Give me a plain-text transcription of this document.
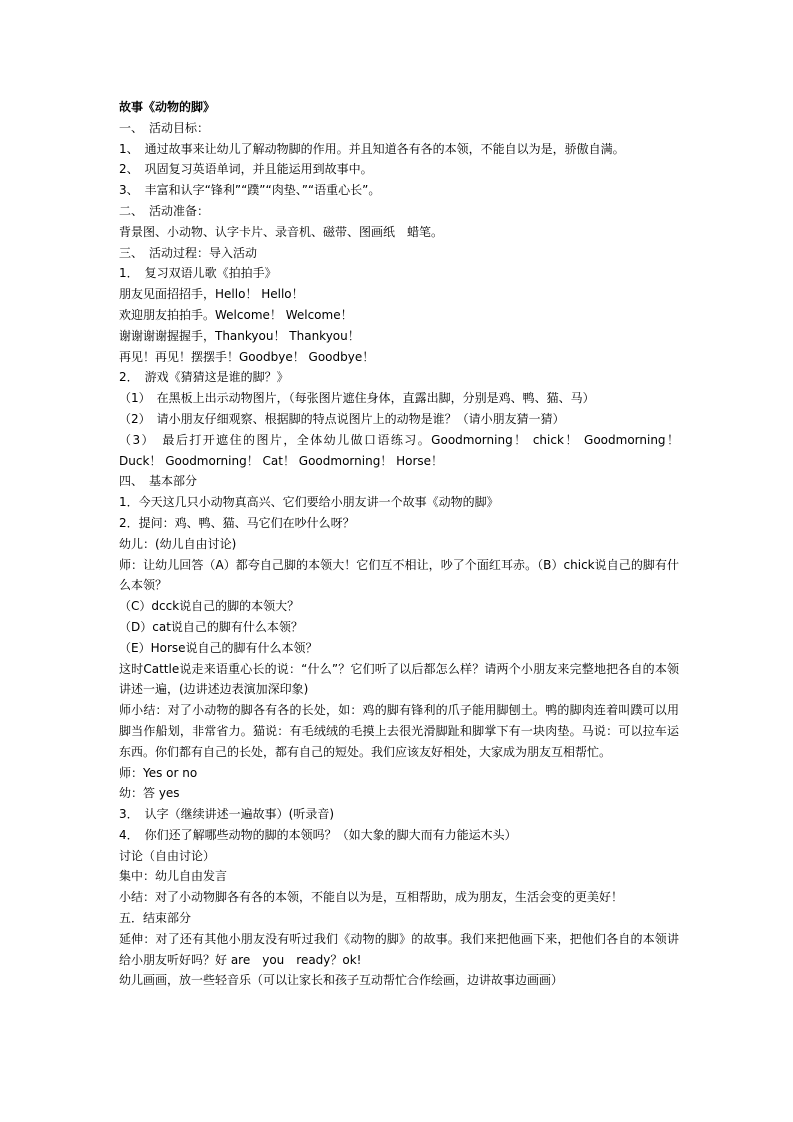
故事《动物的脚》

一、　活动目标：

1、　通过故事来让幼儿了解动物脚的作用。并且知道各有各的本领，不能自以为是，骄傲自满。

2、　巩固复习英语单词，并且能运用到故事中。

3、　丰富和认字“锋利”“蹼”“肉垫、”“语重心长”。

二、　活动准备：

背景图、小动物、认字卡片、录音机、磁带、图画纸　蜡笔。

三、　活动过程：导入活动

1．　复习双语儿歌《拍拍手》

朋友见面招招手，Hello！ Hello！

欢迎朋友拍拍手。Welcome！ Welcome！

谢谢谢谢握握手，Thankyou！ Thankyou！

再见！再见！摆摆手！Goodbye！ Goodbye！

2．　游戏《猜猜这是谁的脚？》

（1）　在黑板上出示动物图片，（每张图片遮住身体，直露出脚，分别是鸡、鸭、猫、马）

（2）　请小朋友仔细观察、根据脚的特点说图片上的动物是谁？（请小朋友猜一猜）

（3）　最后打开遮住的图片，全体幼儿做口语练习。Goodmorning！ chick！ Goodmorning！ Duck！ Goodmorning！ Cat！ Goodmorning！ Horse！

四、　基本部分

1．今天这几只小动物真高兴、它们要给小朋友讲一个故事《动物的脚》

2．提问：鸡、鸭、猫、马它们在吵什么呀？

幼儿：(幼儿自由讨论)

师：让幼儿回答（A）都夸自己脚的本领大！它们互不相让，吵了个面红耳赤。（B）chick说自己的脚有什么本领？

（C）dcck说自己的脚的本领大？

（D）cat说自己的脚有什么本领？

（E）Horse说自己的脚有什么本领？

这时Cattle说走来语重心长的说：“什么”？它们听了以后都怎么样？请两个小朋友来完整地把各自的本领讲述一遍，(边讲述边表演加深印象)

师小结：对了小动物的脚各有各的长处，如：鸡的脚有锋利的爪子能用脚刨土。鸭的脚肉连着叫蹼可以用脚当作船划，非常省力。猫说：有毛绒绒的毛摸上去很光滑脚趾和脚掌下有一块肉垫。马说：可以拉车运东西。你们都有自己的长处，都有自己的短处。我们应该友好相处，大家成为朋友互相帮忙。

师：Yes or no

幼：答 yes

3．　认字（继续讲述一遍故事）(听录音)

4．　你们还了解哪些动物的脚的本领吗？（如大象的脚大而有力能运木头）

讨论（自由讨论）

集中：幼儿自由发言

小结：对了小动物脚各有各的本领，不能自以为是，互相帮助，成为朋友，生活会变的更美好！

五．结束部分

延伸：对了还有其他小朋友没有听过我们《动物的脚》的故事。我们来把他画下来，把他们各自的本领讲给小朋友听好吗？好 are　you　ready？ok!

幼儿画画，放一些轻音乐（可以让家长和孩子互动帮忙合作绘画，边讲故事边画画）
